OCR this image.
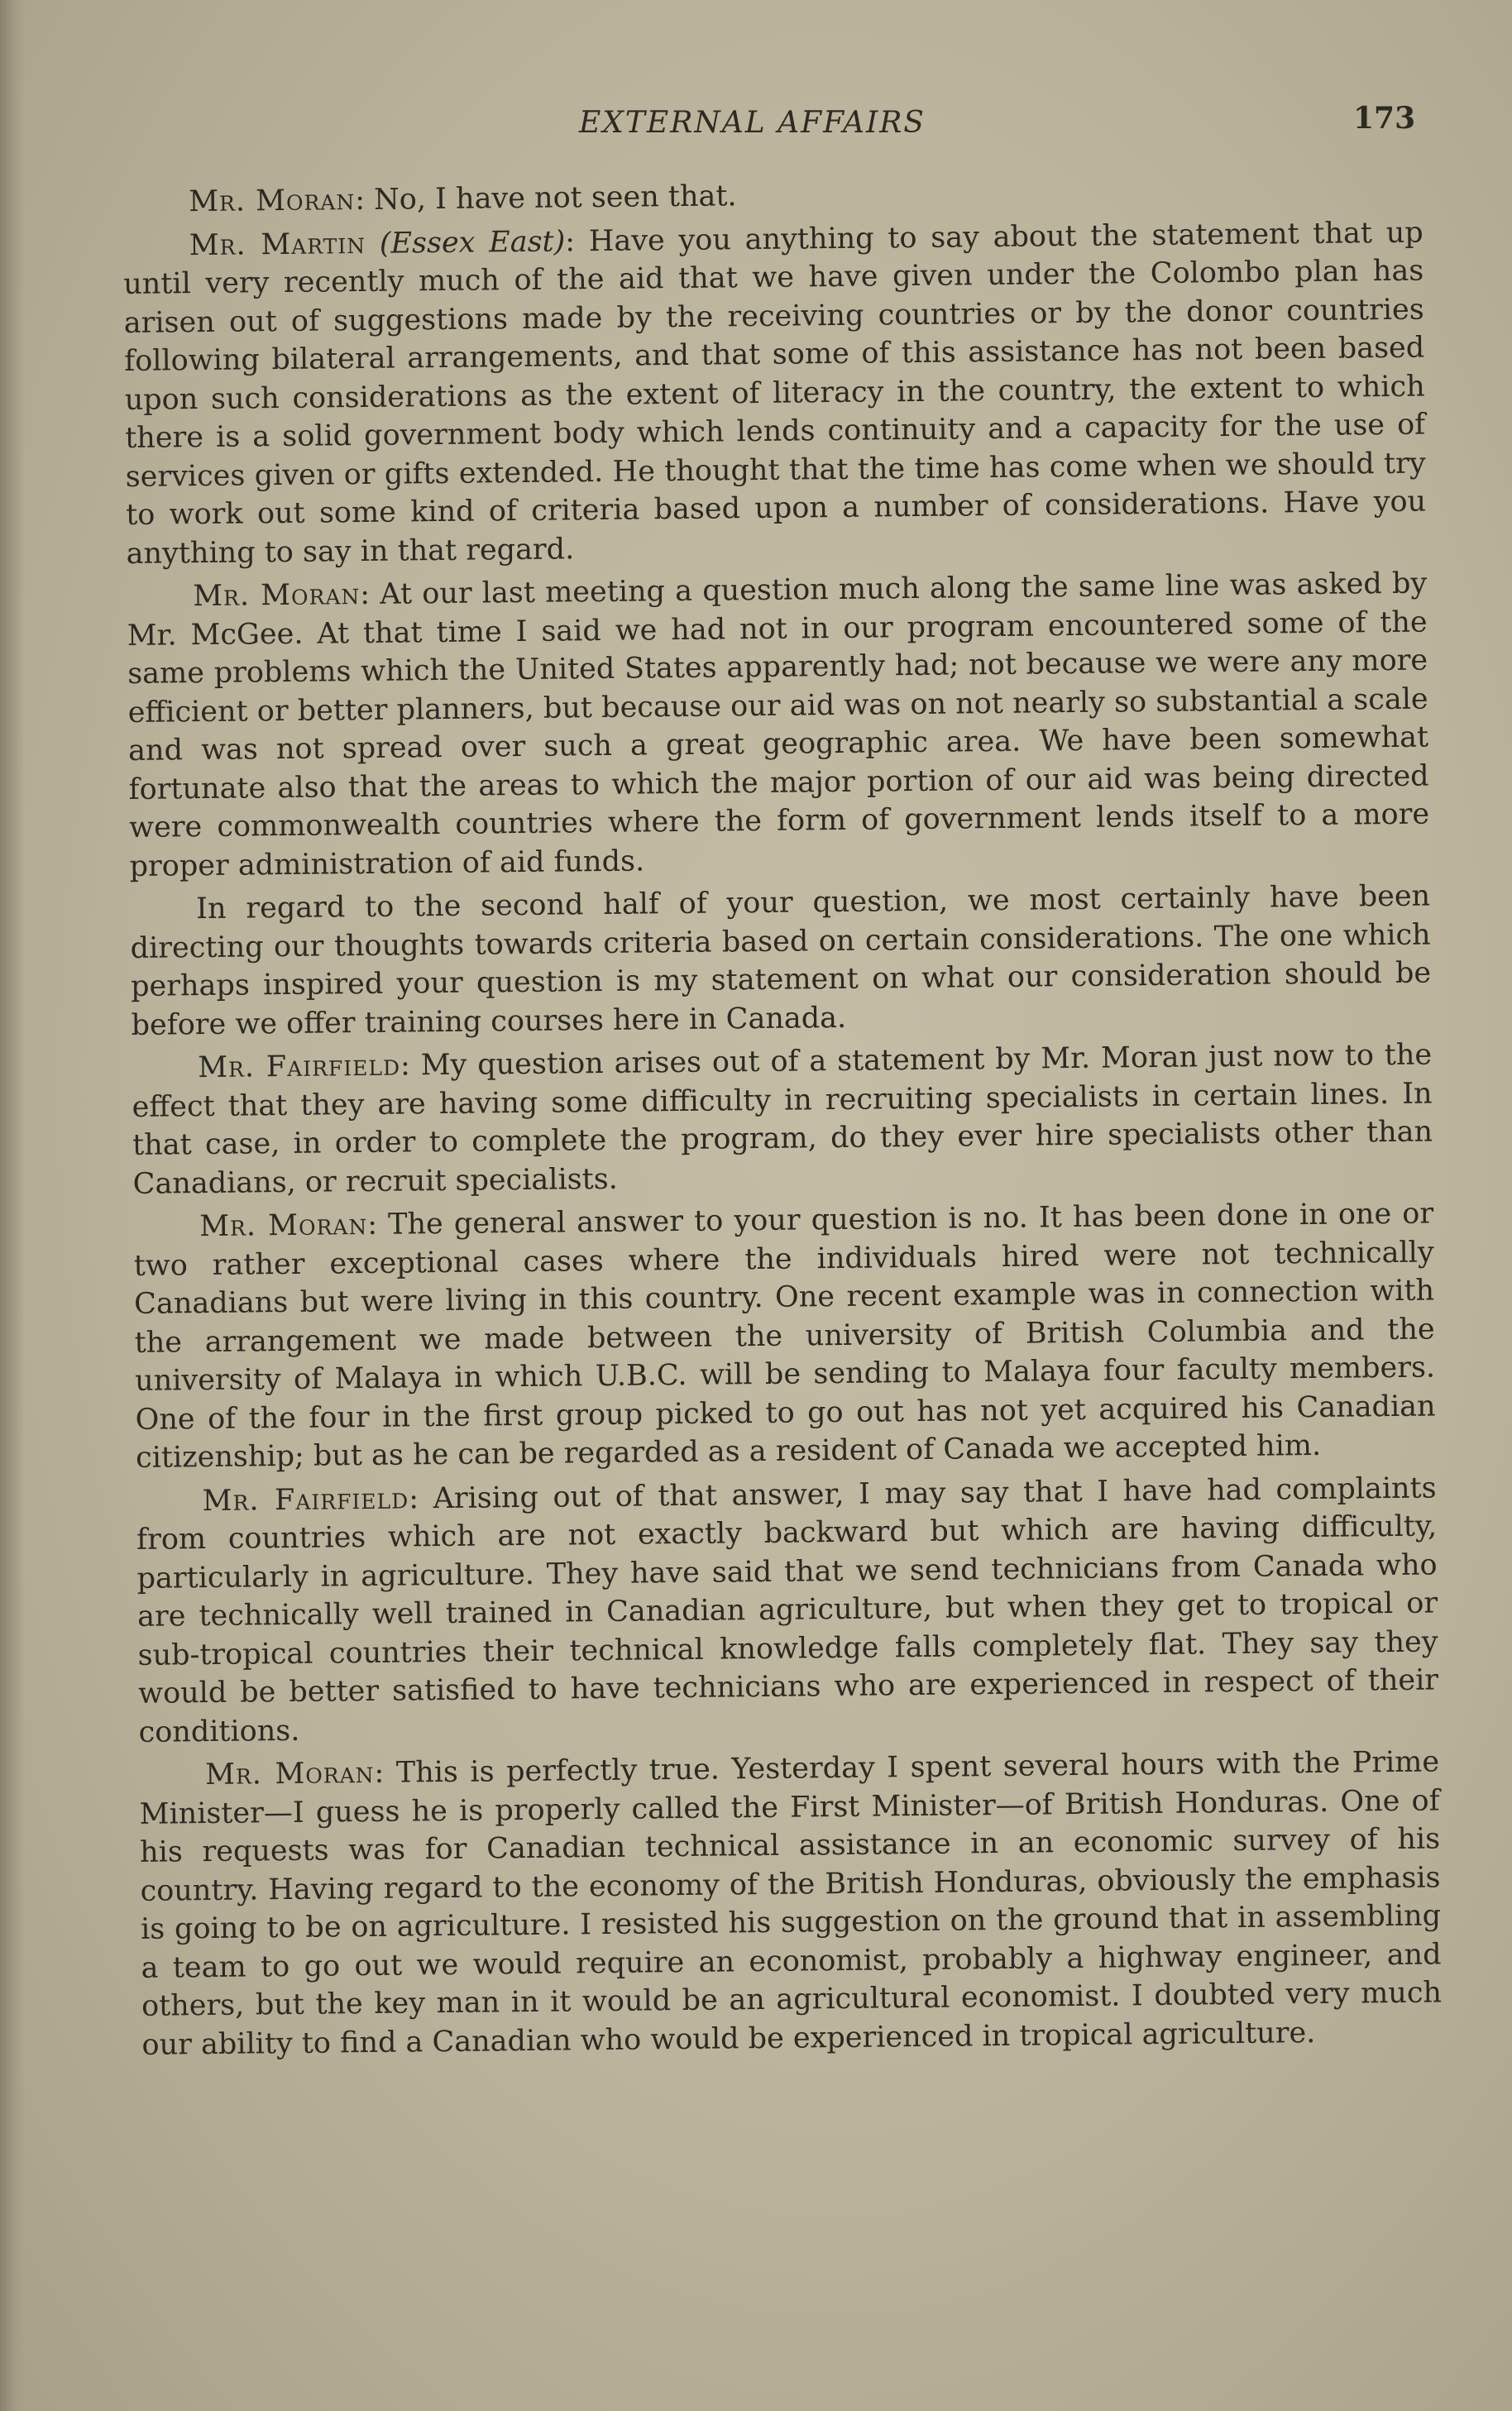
EXTERNAL AFFAIRS	173

Mr. Moran: No, I have not seen that.

Mr. Martin (Essex East): Have you anything to say about the statement that up until very recently much of the aid that we have given under the Colombo plan has arisen out of suggestions made by the receiving countries or by the donor countries following bilateral arrangements, and that some of this assistance has not been based upon such considerations as the extent of literacy in the country, the extent to which there is a solid government body which lends continuity and a capacity for the use of services given or gifts extended. He thought that the time has come when we should try to work out some kind of criteria based upon a number of considerations. Have you anything to say in that regard.

Mr. Moran: At our last meeting a question much along the same line was asked by Mr. McGee. At that time I said we had not in our program encountered some of the same problems which the United States apparently had; not because we were any more efficient or better planners, but because our aid was on not nearly so substantial a scale and was not spread over such a great geographic area. We have been somewhat fortunate also that the areas to which the major portion of our aid was being directed were commonwealth countries where the form of government lends itself to a more proper administration of aid funds.

In regard to the second half of your question, we most certainly have been directing our thoughts towards criteria based on certain considerations. The one which perhaps inspired your question is my statement on what our consideration should be before we offer training courses here in Canada.

Mr. Fairfield: My question arises out of a statement by Mr. Moran just now to the effect that they are having some difficulty in recruiting specialists in certain lines. In that case, in order to complete the program, do they ever hire specialists other than Canadians, or recruit specialists.

Mr. Moran: The general answer to your question is no. It has been done in one or two rather exceptional cases where the individuals hired were not technically Canadians but were living in this country. One recent example was in connection with the arrangement we made between the university of British Columbia and the university of Malaya in which U.B.C. will be sending to Malaya four faculty members. One of the four in the first group picked to go out has not yet acquired his Canadian citizenship; but as he can be regarded as a resident of Canada we accepted him.

Mr. Fairfield: Arising out of that answer, I may say that I have had complaints from countries which are not exactly backward but which are having difficulty, particularly in agriculture. They have said that we send technicians from Canada who are technically well trained in Canadian agriculture, but when they get to tropical or sub-tropical countries their technical knowledge falls completely flat. They say they would be better satisfied to have technicians who are experienced in respect of their conditions.

Mr. Moran: This is perfectly true. Yesterday I spent several hours with the Prime Minister—I guess he is properly called the First Minister—of British Honduras. One of his requests was for Canadian technical assistance in an economic survey of his country. Having regard to the economy of the British Honduras, obviously the emphasis is going to be on agriculture. I resisted his suggestion on the ground that in assembling a team to go out we would require an economist, probably a highway engineer, and others, but the key man in it would be an agricultural economist. I doubted very much our ability to find a Canadian who would be experienced in tropical agriculture.
